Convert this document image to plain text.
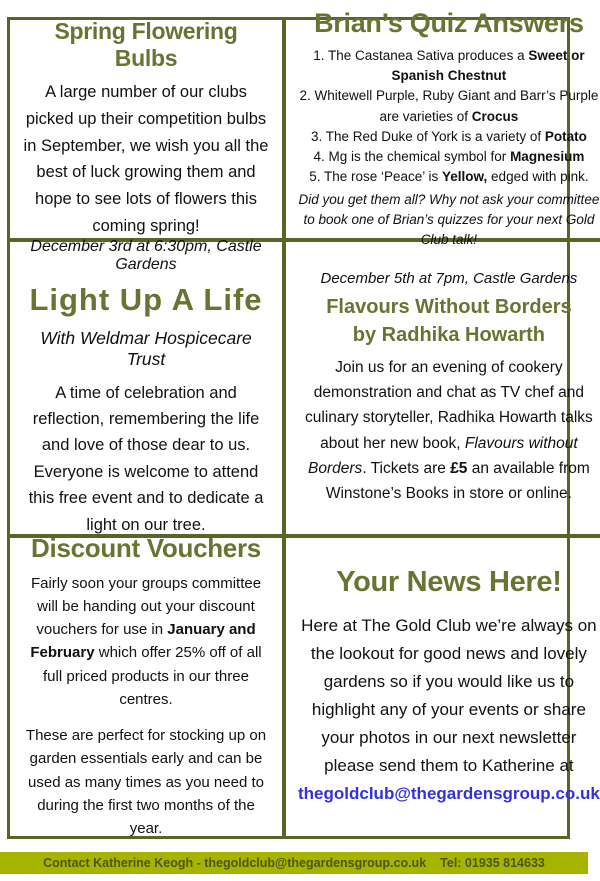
Spring Flowering Bulbs

A large number of our clubs picked up their competition bulbs in September, we wish you all the best of luck growing them and hope to see lots of flowers this coming spring!

Brian’s Quiz Answers
1. The Castanea Sativa produces a Sweet or Spanish Chestnut
2. Whitewell Purple, Ruby Giant and Barr’s Purple are varieties of Crocus
3. The Red Duke of York is a variety of Potato
4. Mg is the chemical symbol for Magnesium
5. The rose ‘Peace’ is Yellow, edged with pink.

Did you get them all? Why not ask your committee to book one of Brian’s quizzes for your next Gold Club talk!

December 3rd at 6:30pm, Castle Gardens

Light Up A Life

With Weldmar Hospicecare Trust

A time of celebration and reflection, remembering the life and love of those dear to us. Everyone is welcome to attend this free event and to dedicate a light on our tree.

December 5th at 7pm, Castle Gardens

Flavours Without Borders
by Radhika Howarth

Join us for an evening of cookery demonstration and chat as TV chef and culinary storyteller, Radhika Howarth talks about her new book, Flavours without Borders. Tickets are £5 an available from Winstone’s Books in store or online.

Discount Vouchers

Fairly soon your groups committee will be handing out your discount vouchers for use in January and February which offer 25% off of all full priced products in our three centres.

These are perfect for stocking up on garden essentials early and can be used as many times as you need to during the first two months of the year.

Your News Here!

Here at The Gold Club we’re always on the lookout for good news and lovely gardens so if you would like us to highlight any of your events or share your photos in our next newsletter please send them to Katherine at thegoldclub@thegardensgroup.co.uk

Contact Katherine Keogh - thegoldclub@thegardensgroup.co.uk Tel: 01935 814633
